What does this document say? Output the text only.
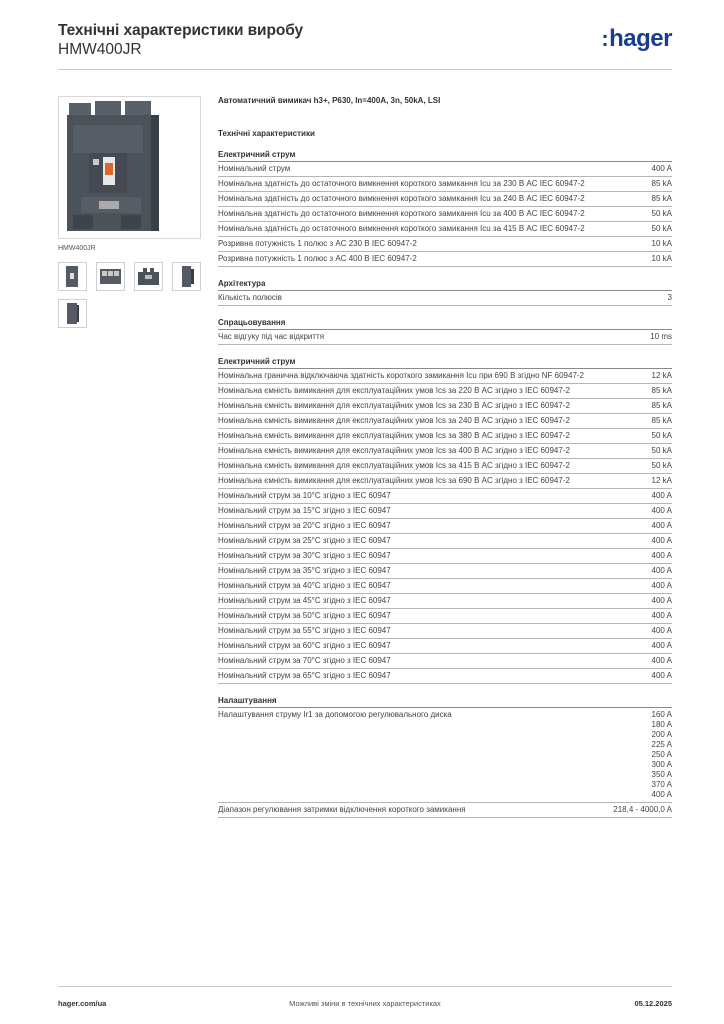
Технічні характеристики виробу
HMW400JR	:hager
HMW400JR
Автоматичний вимикач h3+, P630, In=400A, 3n, 50kA, LSI
Технічні характеристики
Електричний струм
Номінальний струм	400 A
Номінальна здатність до остаточного вимкнення короткого замикання Icu за 230 В AC IEC 60947-2	85 kA
Номінальна здатність до остаточного вимкнення короткого замикання Icu за 240 В AC IEC 60947-2	85 kA
Номінальна здатність до остаточного вимкнення короткого замикання Icu за 400 В AC IEC 60947-2	50 kA
Номінальна здатність до остаточного вимкнення короткого замикання Icu за 415 В AC IEC 60947-2	50 kA
Розривна потужність 1 полюс з AC 230 В IEC 60947-2	10 kA
Розривна потужність 1 полюс з AC 400 В IEC 60947-2	10 kA
Архітектура
Кількість полюсів	3
Спрацьовування
Час відгуку під час відкриття	10 ms
Електричний струм
Номінальна гранична відключаюча здатність короткого замикання Icu при 690 В згідно NF 60947-2	12 kA
Номінальна ємність вимикання для експлуатаційних умов Ics за 220 В AC згідно з IEC 60947-2	85 kA
Номінальна ємність вимикання для експлуатаційних умов Ics за 230 В AC згідно з IEC 60947-2	85 kA
Номінальна ємність вимикання для експлуатаційних умов Ics за 240 В AC згідно з IEC 60947-2	85 kA
Номінальна ємність вимикання для експлуатаційних умов Ics за 380 В AC згідно з IEC 60947-2	50 kA
Номінальна ємність вимикання для експлуатаційних умов Ics за 400 В AC згідно з IEC 60947-2	50 kA
Номінальна ємність вимикання для експлуатаційних умов Ics за 415 В AC згідно з IEC 60947-2	50 kA
Номінальна ємність вимикання для експлуатаційних умов Ics за 690 В AC згідно з IEC 60947-2	12 kA
Номінальний струм за 10°C згідно з IEC 60947	400 A
Номінальний струм за 15°C згідно з IEC 60947	400 A
Номінальний струм за 20°C згідно з IEC 60947	400 A
Номінальний струм за 25°C згідно з IEC 60947	400 A
Номінальний струм за 30°C згідно з IEC 60947	400 A
Номінальний струм за 35°C згідно з IEC 60947	400 A
Номінальний струм за 40°C згідно з IEC 60947	400 A
Номінальний струм за 45°C згідно з IEC 60947	400 A
Номінальний струм за 50°C згідно з IEC 60947	400 A
Номінальний струм за 55°C згідно з IEC 60947	400 A
Номінальний струм за 60°C згідно з IEC 60947	400 A
Номінальний струм за 70°C згідно з IEC 60947	400 A
Номінальний струм за 65°C згідно з IEC 60947	400 A
Налаштування
Налаштування струму Ir1 за допомогою регулювального диска	160 A
180 A
200 A
225 A
250 A
300 A
350 A
370 A
400 A
Діапазон регулювання затримки відключення короткого замикання	218,4 - 4000,0 A
hager.com/ua	Можливі зміни в технічних характеристиках	05.12.2025
